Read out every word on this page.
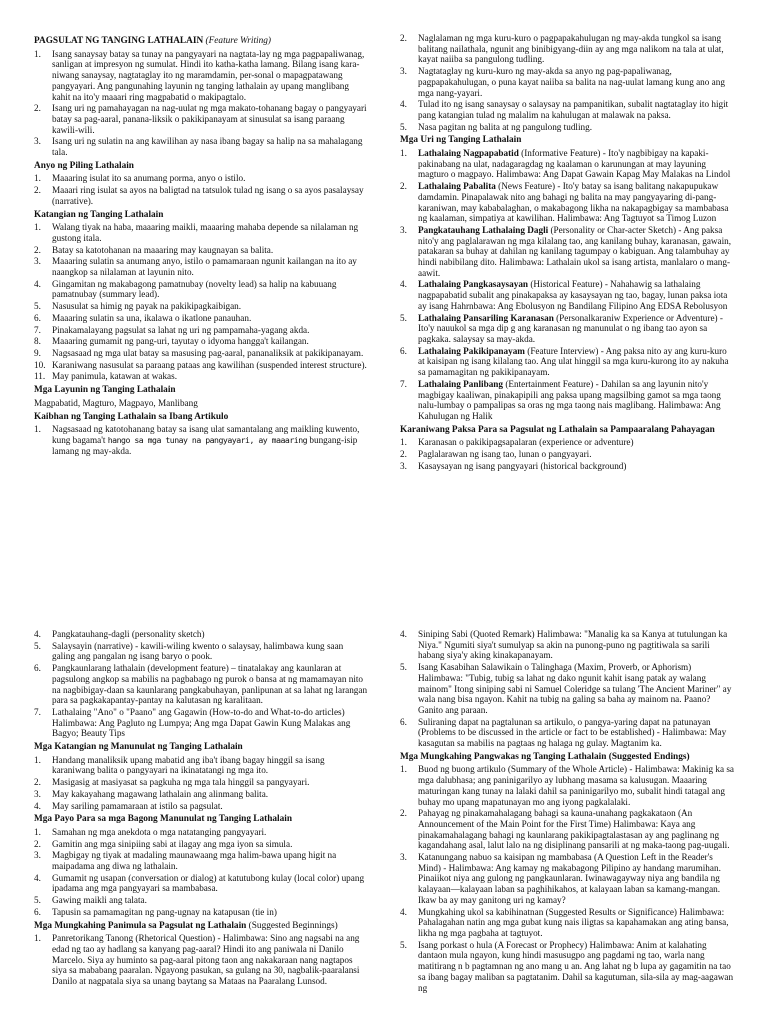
PAGSULAT NG TANGING LATHALAIN (Feature Writing)
1.	Isang sanaysay batay sa tunay na pangyayari na nagtata-lay ng mga pagpapaliwanag, sanligan at impresyon ng sumulat. Hindi ito katha-katha lamang. Bilang isang kara-niwang sanaysay, nagtataglay ito ng maramdamin, per-sonal o mapagpatawang pangyayari. Ang pangunahing layunin ng tanging lathalain ay upang manglibang kahit na ito'y maaari ring magpabatid o makipagtalo.
2.	Isang uri ng pamahayagan na nag-uulat ng mga makato-tohanang bagay o pangyayari batay sa pag-aaral, panana-liksik o pakikipanayam at sinusulat sa isang paraang kawili-wili.
3.	Isang uri ng sulatin na ang kawilihan ay nasa ibang bagay sa halip na sa mahalagang tala.
Anyo ng Piling Lathalain
1.	Maaaring isulat ito sa anumang porma, anyo o istilo.
2.	Maaari ring isulat sa ayos na baligtad na tatsulok tulad ng isang o sa ayos pasalaysay (narrative).
Katangian ng Tanging Lathalain
1.	Walang tiyak na haba, maaaring maikli, maaaring mahaba depende sa nilalaman ng gustong itala.
2.	Batay sa katotohanan na maaaring may kaugnayan sa balita.
3.	Maaaring sulatin sa anumang anyo, istilo o pamamaraan ngunit kailangan na ito ay naangkop sa nilalaman at layunin nito.
4.	Gingamitan ng makabagong pamatnubay (novelty lead) sa halip na kabuuang pamatnubay (summary lead).
5.	Nasusulat sa himig ng payak na pakikipagkaibigan.
6.	Maaaring sulatin sa una, ikalawa o ikatlone panauhan.
7.	Pinakamalayang pagsulat sa lahat ng uri ng pampamaha-yagang akda.
8.	Maaaring gumamit ng pang-uri, tayutay o idyoma hangga't kailangan.
9.	Nagsasaad ng mga ulat batay sa masusing pag-aaral, pananaliksik at pakikipanayam.
10. Karaniwang nasusulat sa paraang pataas ang kawilihan (suspended interest structure).
11. May panimula, katawan at wakas.
Mga Layunin ng Tanging Lathalain

Magpabatid, Magturo, Magpayo, Manlibang

Kaibhan ng Tanging Lathalain sa Ibang Artikulo
1.	Nagsasaad ng katotohanang batay sa isang ulat samantalang ang maikling kuwento, kung bagama't hango sa mga tunay na pangyayari, ay maaaring bungang-isip lamang ng may-akda.
2.	Naglalaman ng mga kuru-kuro o pagpapakahulugan ng may-akda tungkol sa isang balitang nailathala, ngunit ang binibigyang-diin ay ang mga nalikom na tala at ulat, kayat naiiba sa pangulong tudling.
3.	Nagtataglay ng kuru-kuro ng may-akda sa anyo ng pag-papaliwanag, pagpapakahulugan, o puna kayat naiiba sa balita na nag-uulat lamang kung ano ang mga nang-yayari.
4.	Tulad ito ng isang sanaysay o salaysay na pampanitikan, subalit nagtataglay ito higit pang katangian tulad ng malalim na kahulugan at malawak na paksa.
5.	Nasa pagitan ng balita at ng pangulong tudling.
Mga Uri ng Tanging Lathalain
1.	Lathalaing Nagpapabatid (Informative Feature) - Ito'y nagbibigay na kapaki-pakinabang na ulat, nadagaragdag ng kaalaman o karunungan at may layuning magturo o magpayo. Halimbawa: Ang Dapat Gawain Kapag May Malakas na Lindol
2.	Lathalaing Pabalita (News Feature) - Ito'y batay sa isang balitang nakapupukaw damdamin. Pinapalawak nito ang bahagi ng balita na may pangyayaring di-pang-karaniwan, may kababalaghan, o makabagong likha na nakapagbigay sa mambabasa ng kaalaman, simpatiya at kawilihan. Halimbawa: Ang Tagtuyot sa Timog Luzon
3.	Pangkatauhang Lathalaing Dagli (Personality or Char-acter Sketch) - Ang paksa nito'y ang paglalarawan ng mga kilalang tao, ang kanilang buhay, karanasan, gawain, patakaran sa buhay at dahilan ng kanilang tagumpay o kabiguan. Ang talambuhay ay hindi nabibilang dito. Halimbawa: Lathalain ukol sa isang artista, manlalaro o mang-aawit.
4.	Lathalaing Pangkasaysayan (Historical Feature) - Nahahawig sa lathalaing nagpapabatid subalit ang pinakapaksa ay kasaysayan ng tao, bagay, lunan paksa iota ay isang Hahrnbawa: Ang Ebolusyon ng Bandilang Filipino Ang EDSA Rebolusyon
5.	Lathalaing Pansariling Karanasan (Personalkaraniw Experience or Adventure) - Ito'y nauukol sa mga dip g ang karanasan ng manunulat o ng ibang tao ayon sa pagkaka. salaysay sa may-akda.
6.	Lathalaing Pakikipanayam (Feature Interview) - Ang paksa nito ay ang kuru-kuro at kaisipan ng isang kilalang tao. Ang ulat hinggil sa mga kuru-kurong ito ay nakuha sa pamamagitan ng pakikipanayam.
7.	Lathalaing Panlibang (Entertainment Feature) - Dahilan sa ang layunin nito'y magbigay kaaliwan, pinakapipili ang paksa upang magsilbing gamot sa mga taong nalu-lumbay o pampalipas sa oras ng mga taong nais maglibang. Halimbawa: Ang Kahulugan ng Halik
Karaniwang Paksa Para sa Pagsulat ng Lathalain sa Pampaaralang Pahayagan
1.	Karanasan o pakikipagsapalaran (experience or adventure)
2.	Paglalarawan ng isang tao, lunan o pangyayari.
3.	Kasaysayan ng isang pangyayari (historical background)
4.	Pangkatauhang-dagli (personality sketch)
5.	Salaysayin (narrative) - kawili-wiling kwento o salaysay, halimbawa kung saan galing ang pangalan ng isang baryo o pook.
6.	Pangkaunlarang lathalain (development feature) – tinatalakay ang kaunlaran at pagsulong angkop sa mabilis na pagbabago ng purok o bansa at ng mamamayan nito na nagbibigay-daan sa kaunlarang pangkabuhayan, panlipunan at sa lahat ng larangan para sa pagkakapantay-pantay na kalutasan ng karalitaan.
7.	Lathalaing "Ano" o "Paano" ang Gagawin (How-to-do and What-to-do articles) Halimbawa: Ang Pagluto ng Lumpya; Ang mga Dapat Gawin Kung Malakas ang Bagyo; Beauty Tips
Mga Katangian ng Manunulat ng Tanging Lathalain
1.	Handang manaliksik upang mabatid ang iba't ibang bagay hinggil sa isang karaniwang balita o pangyayari na ikinatatangi ng mga ito.
2.	Masigasig at masiyasat sa pagkuha ng mga tala hinggil sa pangyayari.
3.	May kakayahang magawang lathalain ang alinmang balita.
4.	May sariling pamamaraan at istilo sa pagsulat.
Mga Payo Para sa mga Bagong Manunulat ng Tanging Lathalain
1.	Samahan ng mga anekdota o mga natatanging pangyayari.
2.	Gamitin ang mga sinipiing sabi at ilagay ang mga iyon sa simula.
3.	Magbigay ng tiyak at madaling maunawaang mga halim-bawa upang higit na maipadama ang diwa ng lathalain.
4.	Gumamit ng usapan (conversation or dialog) at katutubong kulay (local color) upang ipadama ang mga pangyayari sa mambabasa.
5.	Gawing maikli ang talata.
6.	Tapusin sa pamamagitan ng pang-ugnay na katapusan (tie in)
Mga Mungkahing Panimula sa Pagsulat ng Lathalain (Suggested Beginnings)
1.	Panretorikang Tanong (Rhetorical Question) - Halimbawa: Sino ang nagsabi na ang edad ng tao ay hadlang sa kanyang pag-aaral? Hindi ito ang paniwala ni Danilo Marcelo. Siya ay huminto sa pag-aaral pitong taon ang nakakaraan nang nagtapos siya sa mababang paaralan. Ngayong pasukan, sa gulang na 30, nagbalik-paaralansi Danilo at nagpatala siya sa unang baytang sa Mataas na Paaralang Lunsod.
4.	Siniping Sabi (Quoted Remark) Halimbawa: "Manalig ka sa Kanya at tutulungan ka Niya." Ngumiti siya't sumulyap sa akin na punong-puno ng pagtitiwala sa sarili habang siya'y aking kinakapanayam.
5.	Isang Kasabihan Salawikain o Talinghaga (Maxim, Proverb, or Aphorism) Halimbawa: "Tubig, tubig sa lahat ng dako ngunit kahit isang patak ay walang mainom" Itong siniping sabi ni Samuel Coleridge sa tulang 'The Ancient Mariner" ay wala nang bisa ngayon. Kahit na tubig na galing sa baha ay mainom na. Paano? Ganito ang paraan.
6.	Suliraning dapat na pagtalunan sa artikulo, o pangya-yaring dapat na patunayan (Problems to be discussed in the article or fact to be established) - Halimbawa: May kasagutan sa mabilis na pagtaas ng halaga ng gulay. Magtanim ka.
Mga Mungkahing Pangwakas ng Tanging Lathalain (Suggested Endings)
1.	Buod ng buong artikulo (Summary of the Whole Article) - Halimbawa: Makinig ka sa mga dalubhasa; ang paninigarilyo ay lubhang masama sa kalusugan. Maaaring maturingan kang tunay na lalaki dahil sa paninigarilyo mo, subalit hindi tatagal ang buhay mo upang mapatunayan mo ang iyong pagkalalaki.
2.	Pahayag ng pinakamahalagang bahagi sa kauna-unahang pagkakataon (An Announcement of the Main Point for the First Time) Halimbawa: Kaya ang pinakamahalagang bahagi ng kaunlarang pakikipagtalastasan ay ang paglinang ng kagandahang asal, lalut lalo na ng disiplinang pansarili at ng maka-taong pag-uugali.
3.	Katanungang nabuo sa kaisipan ng mambabasa (A Question Left in the Reader's Mind) - Halimbawa: Ang kamay ng makabagong Pilipino ay handang marumihan. Pinaiikot niya ang gulong ng pangkaunlaran. Iwinawagayway niya ang bandila ng kalayaan—kalayaan laban sa paghihikahos, at kalayaan laban sa kamang-mangan. Ikaw ba ay may ganitong uri ng kamay?
4.	Mungkahing ukol sa kabihinatnan (Suggested Results or Significance) Halimbawa: Pahalagahan natin ang mga gubat kung nais iligtas sa kapahamakan ang ating bansa, likha ng mga pagbaha at tagtuyot.
5.	Isang porkast o hula (A Forecast or Prophecy) Halimbawa: Anim at kalahating dantaon mula ngayon, kung hindi masusugpo ang pagdami ng tao, warla nang matitirang n b pagtamnan ng ano mang u an. Ang lahat ng b lupa ay gagamitin na tao sa ibang bagay maliban sa pagtatanim. Dahil sa kagutuman, sila-sila ay mag-aagawan ng
